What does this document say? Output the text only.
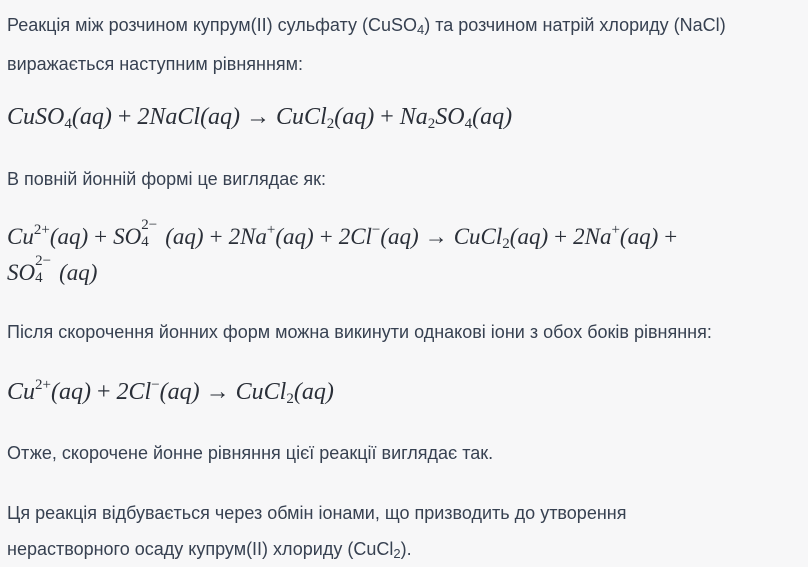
Реакція між розчином купрум(II) сульфату (CuSO$_4$) та розчином натрій хлориду (NaCl)

виражається наступним рівнянням:

CuSO$_4$(aq) + 2NaCl(aq) → CuCl$_2$(aq) + $Na_2SO_4(aq)$

В повній йонній формі це виглядає як:

$Cu^{2+}(aq)$ + SO 2−
4 (aq) + 2Na+(aq) + 2Cl−(aq) → CuCl$_2$(aq) + 2Na+(aq) +
SO 2−
4 (aq)

Після скорочення йонних форм можна викинути однакові іони з обох боків рівняння:

$Cu^{2+}(aq) + 2Cl^-(aq)$ → CuCl$_2$(aq)

Отже, скорочене йонне рівняння цієї реакції виглядає так.

Ця реакція відбувається через обмін іонами, що призводить до утворення

нерастворного осаду купрум(II) хлориду (CuCl$_2$).
